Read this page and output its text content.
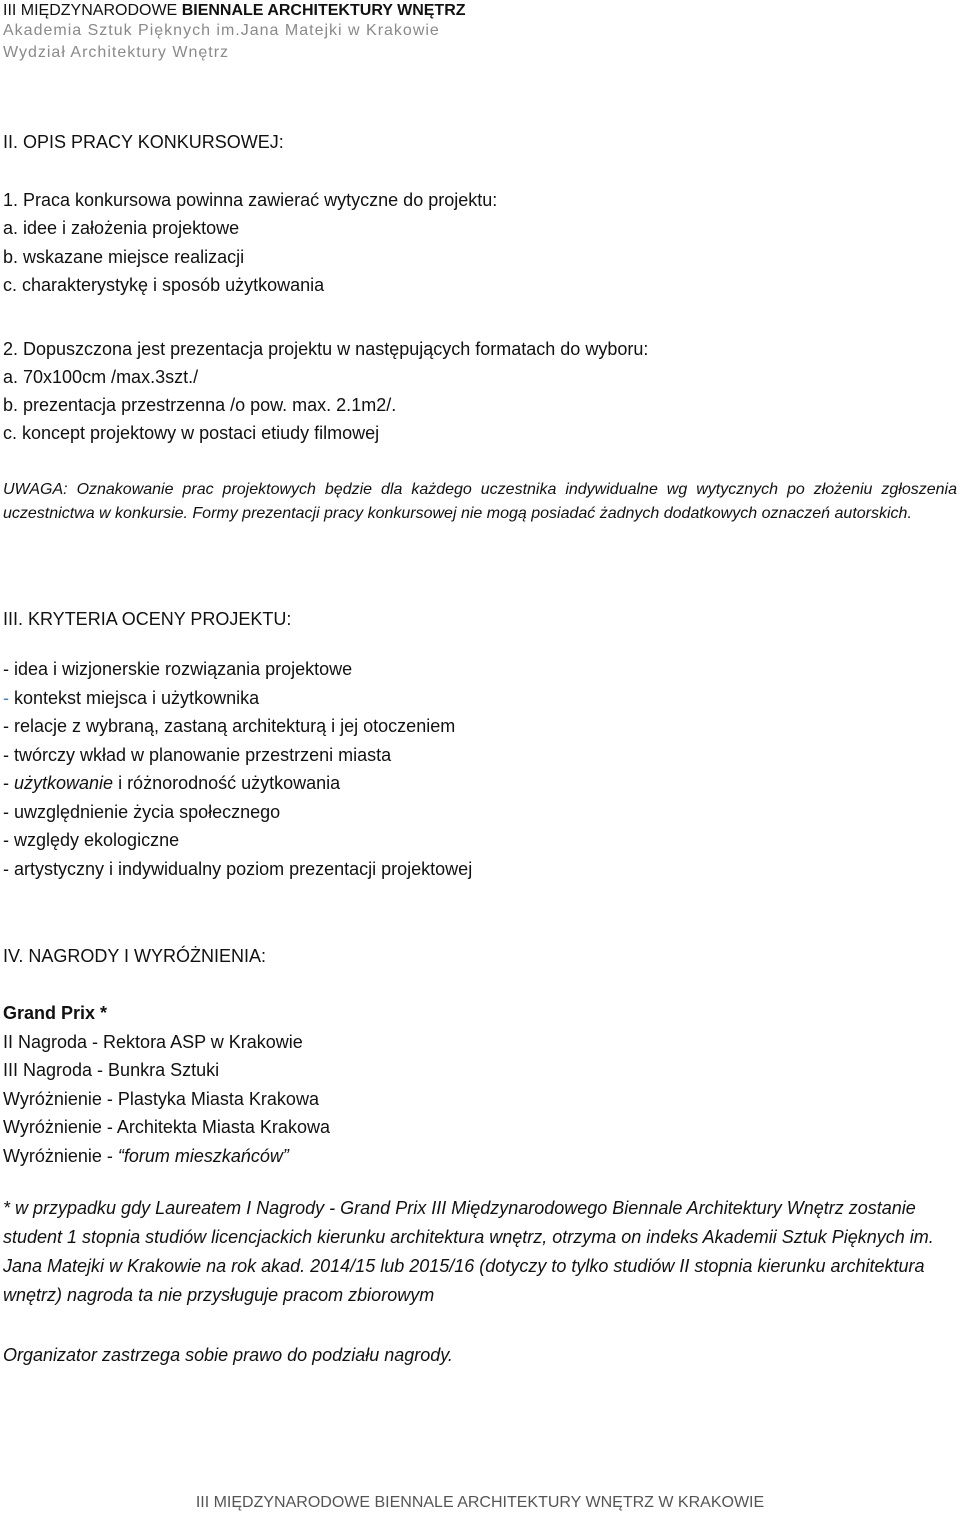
III MIĘDZYNARODOWE BIENNALE ARCHITEKTURY WNĘTRZ
Akademia Sztuk Pięknych im.Jana Matejki w Krakowie
Wydział Architektury Wnętrz
II. OPIS PRACY KONKURSOWEJ:
1. Praca konkursowa powinna zawierać wytyczne do projektu:
a. idee i założenia projektowe
b. wskazane miejsce realizacji
c. charakterystykę i sposób użytkowania
2. Dopuszczona jest prezentacja projektu w następujących formatach do wyboru:
a. 70x100cm /max.3szt./
b. prezentacja przestrzenna /o pow. max. 2.1m2/.
c. koncept projektowy w postaci etiudy filmowej
UWAGA: Oznakowanie prac projektowych będzie dla każdego uczestnika indywidualne wg wytycznych po złożeniu zgłoszenia uczestnictwa w konkursie. Formy prezentacji pracy konkursowej nie mogą posiadać żadnych dodatkowych oznaczeń autorskich.
III. KRYTERIA OCENY PROJEKTU:
- idea i wizjonerskie rozwiązania projektowe
- kontekst miejsca i użytkownika
- relacje z wybraną, zastaną architekturą i jej otoczeniem
- twórczy wkład w planowanie przestrzeni miasta
- użytkowanie i różnorodność użytkowania
- uwzględnienie życia społecznego
- względy ekologiczne
- artystyczny i indywidualny poziom prezentacji projektowej
IV. NAGRODY I WYRÓŻNIENIA:
Grand Prix *
II Nagroda - Rektora ASP w Krakowie
III Nagroda - Bunkra Sztuki
Wyróżnienie - Plastyka Miasta Krakowa
Wyróżnienie - Architekta Miasta Krakowa
Wyróżnienie - “forum mieszkańców”
* w przypadku gdy Laureatem I Nagrody - Grand Prix III Międzynarodowego Biennale Architektury Wnętrz zostanie student 1 stopnia studiów licencjackich kierunku architektura wnętrz, otrzyma on indeks Akademii Sztuk Pięknych im. Jana Matejki w Krakowie na rok akad. 2014/15 lub 2015/16 (dotyczy to tylko studiów II stopnia kierunku architektura wnętrz) nagroda ta nie przysługuje pracom zbiorowym
Organizator zastrzega sobie prawo do podziału nagrody.
III MIĘDZYNARODOWE BIENNALE ARCHITEKTURY WNĘTRZ W KRAKOWIE
